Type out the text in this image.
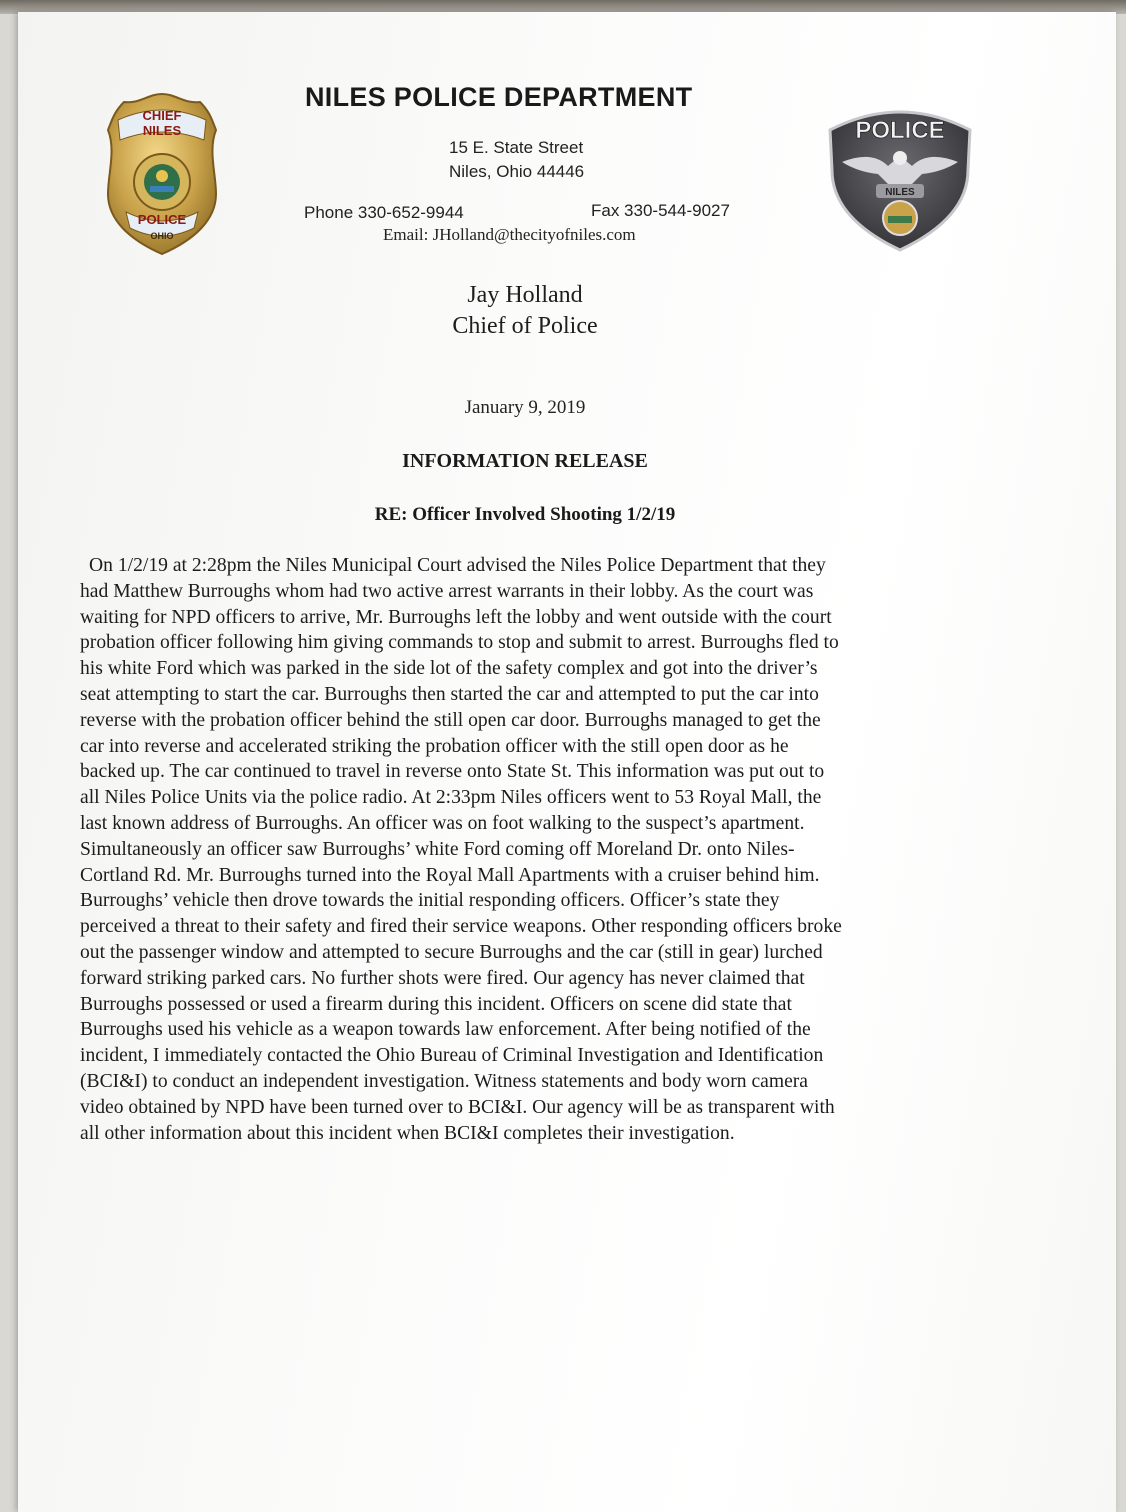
CHIEF
NILES
POLICE
OHIO
POLICE
NILES
NILES POLICE DEPARTMENT
15 E. State Street
Niles, Ohio 44446
Phone 330-652-9944	Fax 330-544-9027
Email: JHolland@thecityofniles.com
Jay Holland
Chief of Police
January 9, 2019
INFORMATION RELEASE
RE: Officer Involved Shooting 1/2/19
On 1/2/19 at 2:28pm the Niles Municipal Court advised the Niles Police Department that they
had Matthew Burroughs whom had two active arrest warrants in their lobby. As the court was
waiting for NPD officers to arrive, Mr. Burroughs left the lobby and went outside with the court
probation officer following him giving commands to stop and submit to arrest. Burroughs fled to
his white Ford which was parked in the side lot of the safety complex and got into the driver’s
seat attempting to start the car. Burroughs then started the car and attempted to put the car into
reverse with the probation officer behind the still open car door. Burroughs managed to get the
car into reverse and accelerated striking the probation officer with the still open door as he
backed up. The car continued to travel in reverse onto State St. This information was put out to
all Niles Police Units via the police radio. At 2:33pm Niles officers went to 53 Royal Mall, the
last known address of Burroughs. An officer was on foot walking to the suspect’s apartment.
Simultaneously an officer saw Burroughs’ white Ford coming off Moreland Dr. onto Niles-
Cortland Rd. Mr. Burroughs turned into the Royal Mall Apartments with a cruiser behind him.
Burroughs’ vehicle then drove towards the initial responding officers. Officer’s state they
perceived a threat to their safety and fired their service weapons. Other responding officers broke
out the passenger window and attempted to secure Burroughs and the car (still in gear) lurched
forward striking parked cars. No further shots were fired. Our agency has never claimed that
Burroughs possessed or used a firearm during this incident. Officers on scene did state that
Burroughs used his vehicle as a weapon towards law enforcement. After being notified of the
incident, I immediately contacted the Ohio Bureau of Criminal Investigation and Identification
(BCI&I) to conduct an independent investigation. Witness statements and body worn camera
video obtained by NPD have been turned over to BCI&I. Our agency will be as transparent with
all other information about this incident when BCI&I completes their investigation.
